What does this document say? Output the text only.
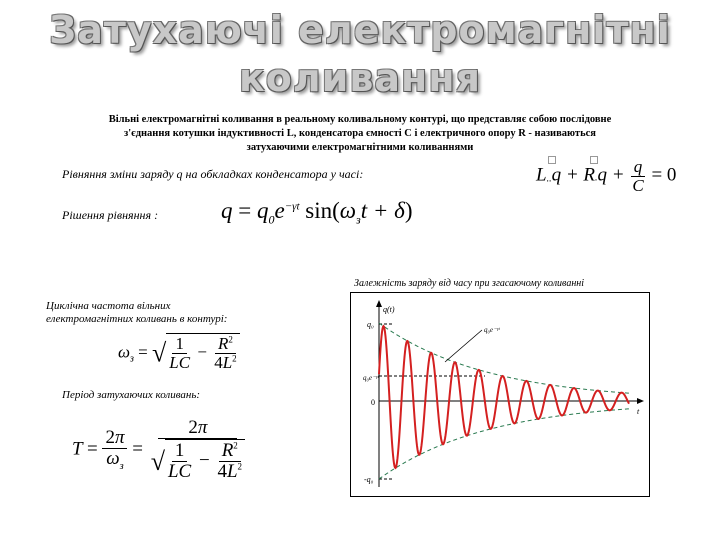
Затухаючі електромагнітні
коливання
Вільні електромагнітні коливання в реальному коливальному контурі, що представляє собою послідовне
з'єднання котушки індуктивності L, конденсатора ємності C і електричного опору R - називаються
затухаючими електромагнітними коливаннями
Рівняння зміни заряду q на обкладках конденсатора у часі:	$L..q + R.q + \frac{q}{C} = 0$
Рішення рівняння :	$q = q_0e^{-\gamma t}$ $\sin(\omega_зt + \delta)$
Залежність заряду від часу при згасаючому коливанні
Циклічна частота вільних
електромагнітних коливань в контурі:
$\omega_з$ = √ $\frac{1}{LC} - \frac{R^2}{4L^2}$
Період затухаючих коливань:
$T = \frac{2\pi}{\omega_з} = \frac{2\pi}{√ \frac{1}{LC} - \frac{R^2}{4L^2}}$
q(t)
t
q₀
q₀e⁻ᵞᵗ
0
-q₀
q₀e⁻ᵞᵗ
